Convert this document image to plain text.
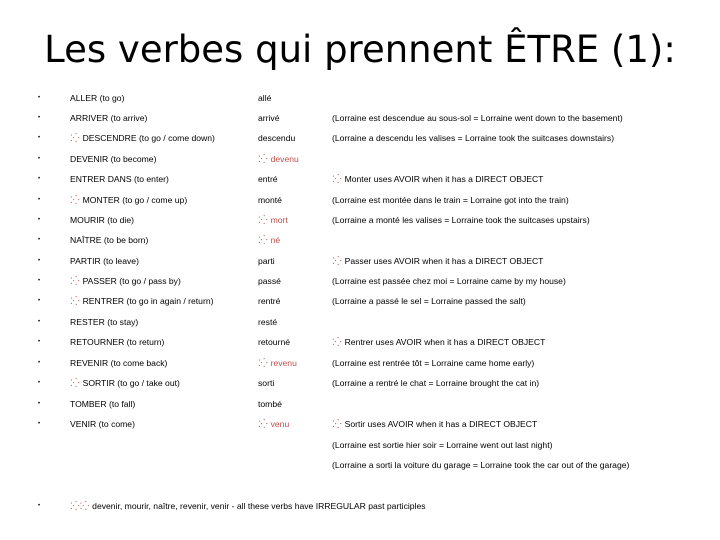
Les verbes qui prennent ÊTRE (1):
•	ALLER (to go)	allé
•	ARRIVER (to arrive)	arrivé	(Lorraine est descendue au sous-sol = Lorraine went down to the basement)
•	⁚⁛ DESCENDRE (to go / come down)	descendu	(Lorraine a descendu les valises = Lorraine took the suitcases downstairs)
•	DEVENIR (to become)	⁚⁛ devenu
•	ENTRER DANS (to enter)	entré	⁚⁛ Monter uses AVOIR when it has a DIRECT OBJECT
•	⁚⁛ MONTER (to go / come up)	monté	(Lorraine est montée dans le train = Lorraine got into the train)
•	MOURIR (to die)	⁚⁛ mort	(Lorraine a monté les valises = Lorraine took the suitcases upstairs)
•	NAÎTRE (to be born)	⁚⁛ né
•	PARTIR (to leave)	parti	⁚⁛ Passer uses AVOIR when it has a DIRECT OBJECT
•	⁚⁛ PASSER (to go / pass by)	passé	(Lorraine est passée chez moi = Lorraine came by my house)
•	⁚⁛ RENTRER (to go in again / return)	rentré	(Lorraine a passé le sel = Lorraine passed the salt)
•	RESTER (to stay)	resté
•	RETOURNER (to return)	retourné	⁚⁛ Rentrer uses AVOIR when it has a DIRECT OBJECT
•	REVENIR (to come back)	⁚⁛ revenu	(Lorraine est rentrée tôt = Lorraine came home early)
•	⁚⁛ SORTIR (to go / take out)	sorti	(Lorraine a rentré le chat = Lorraine brought the cat in)
•	TOMBER (to fall)	tombé
•	VENIR (to come)	⁚⁛ venu	⁚⁛ Sortir uses AVOIR when it has a DIRECT OBJECT
(Lorraine est sortie hier soir = Lorraine went out last night)
(Lorraine a sorti la voiture du garage = Lorraine took the car out of the garage)
•	⁚⁛⁚⁛ devenir, mourir, naître, revenir, venir - all these verbs have IRREGULAR past participles
